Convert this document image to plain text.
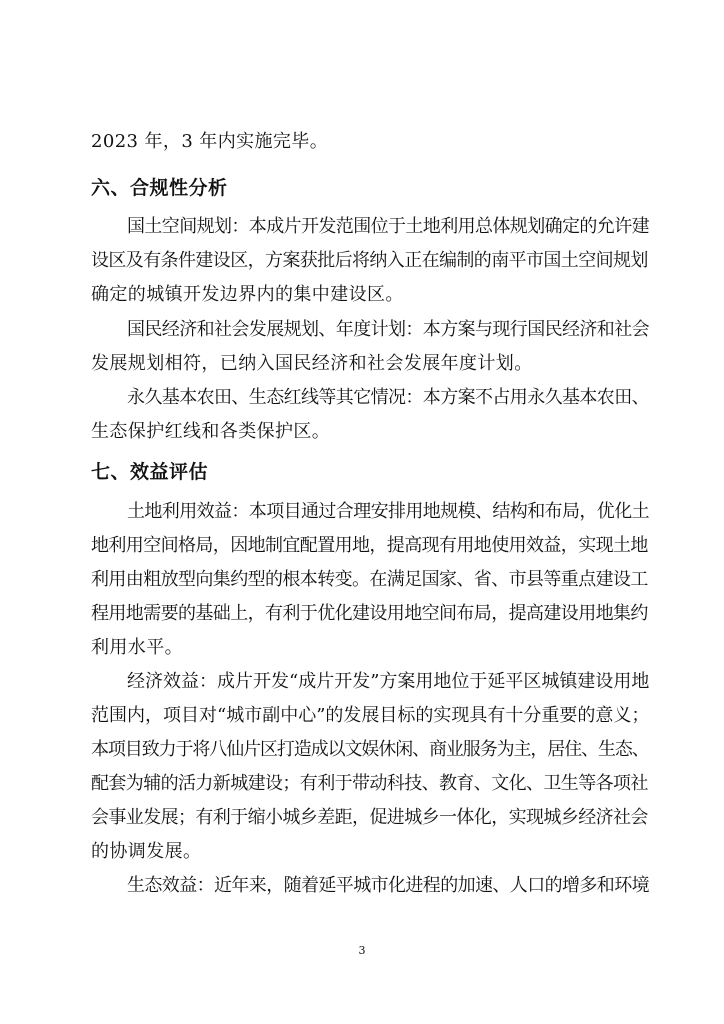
2023 年，3 年内实施完毕。
六、合规性分析
国土空间规划：本成片开发范围位于土地利用总体规划确定的允许建
设区及有条件建设区，方案获批后将纳入正在编制的南平市国土空间规划
确定的城镇开发边界内的集中建设区。
国民经济和社会发展规划、年度计划：本方案与现行国民经济和社会
发展规划相符，已纳入国民经济和社会发展年度计划。
永久基本农田、生态红线等其它情况：本方案不占用永久基本农田、
生态保护红线和各类保护区。
七、效益评估
土地利用效益：本项目通过合理安排用地规模、结构和布局，优化土
地利用空间格局，因地制宜配置用地，提高现有用地使用效益，实现土地
利用由粗放型向集约型的根本转变。在满足国家、省、市县等重点建设工
程用地需要的基础上，有利于优化建设用地空间布局，提高建设用地集约
利用水平。
经济效益：成片开发“成片开发”方案用地位于延平区城镇建设用地
范围内，项目对“城市副中心”的发展目标的实现具有十分重要的意义；
本项目致力于将八仙片区打造成以文娱休闲、商业服务为主，居住、生态、
配套为辅的活力新城建设；有利于带动科技、教育、文化、卫生等各项社
会事业发展；有利于缩小城乡差距，促进城乡一体化，实现城乡经济社会
的协调发展。
生态效益：近年来，随着延平城市化进程的加速、人口的增多和环境
3
